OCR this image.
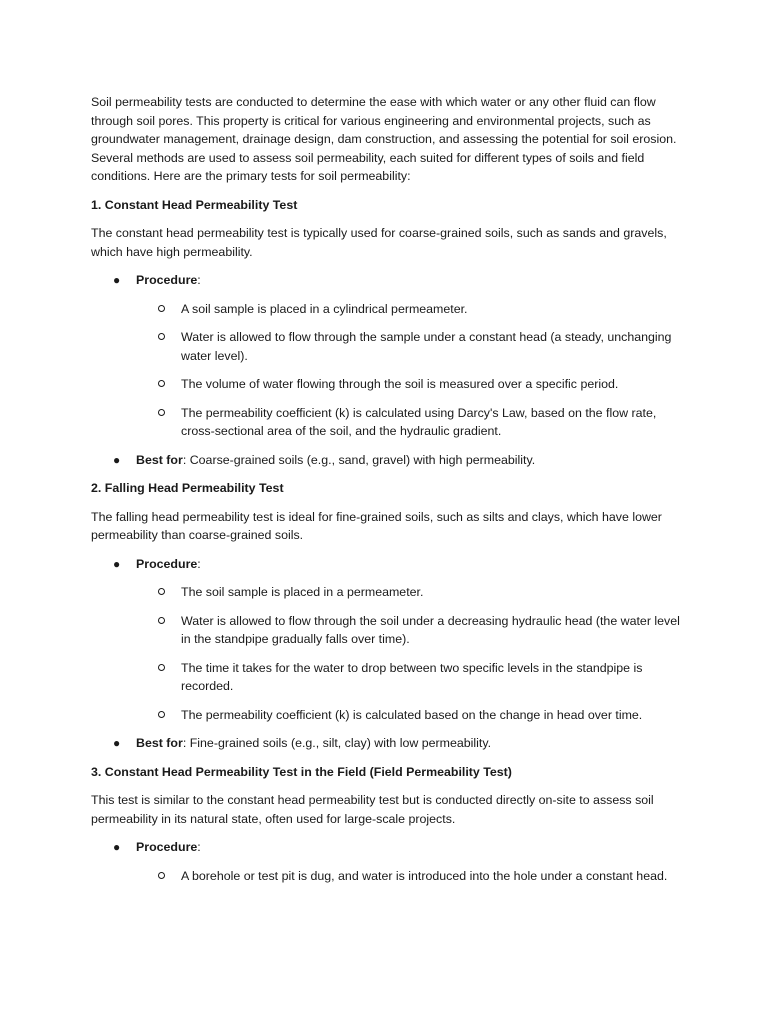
Soil permeability tests are conducted to determine the ease with which water or any other fluid can flow through soil pores. This property is critical for various engineering and environmental projects, such as groundwater management, drainage design, dam construction, and assessing the potential for soil erosion. Several methods are used to assess soil permeability, each suited for different types of soils and field conditions. Here are the primary tests for soil permeability:

1. Constant Head Permeability Test

The constant head permeability test is typically used for coarse-grained soils, such as sands and gravels, which have high permeability.

● Procedure:
A soil sample is placed in a cylindrical permeameter.
Water is allowed to flow through the sample under a constant head (a steady, unchanging water level).
The volume of water flowing through the soil is measured over a specific period.
The permeability coefficient (k) is calculated using Darcy's Law, based on the flow rate, cross-sectional area of the soil, and the hydraulic gradient.
● Best for: Coarse-grained soils (e.g., sand, gravel) with high permeability.

2. Falling Head Permeability Test

The falling head permeability test is ideal for fine-grained soils, such as silts and clays, which have lower permeability than coarse-grained soils.

● Procedure:
The soil sample is placed in a permeameter.
Water is allowed to flow through the soil under a decreasing hydraulic head (the water level in the standpipe gradually falls over time).
The time it takes for the water to drop between two specific levels in the standpipe is recorded.
The permeability coefficient (k) is calculated based on the change in head over time.
● Best for: Fine-grained soils (e.g., silt, clay) with low permeability.

3. Constant Head Permeability Test in the Field (Field Permeability Test)

This test is similar to the constant head permeability test but is conducted directly on-site to assess soil permeability in its natural state, often used for large-scale projects.

● Procedure:
A borehole or test pit is dug, and water is introduced into the hole under a constant head.
